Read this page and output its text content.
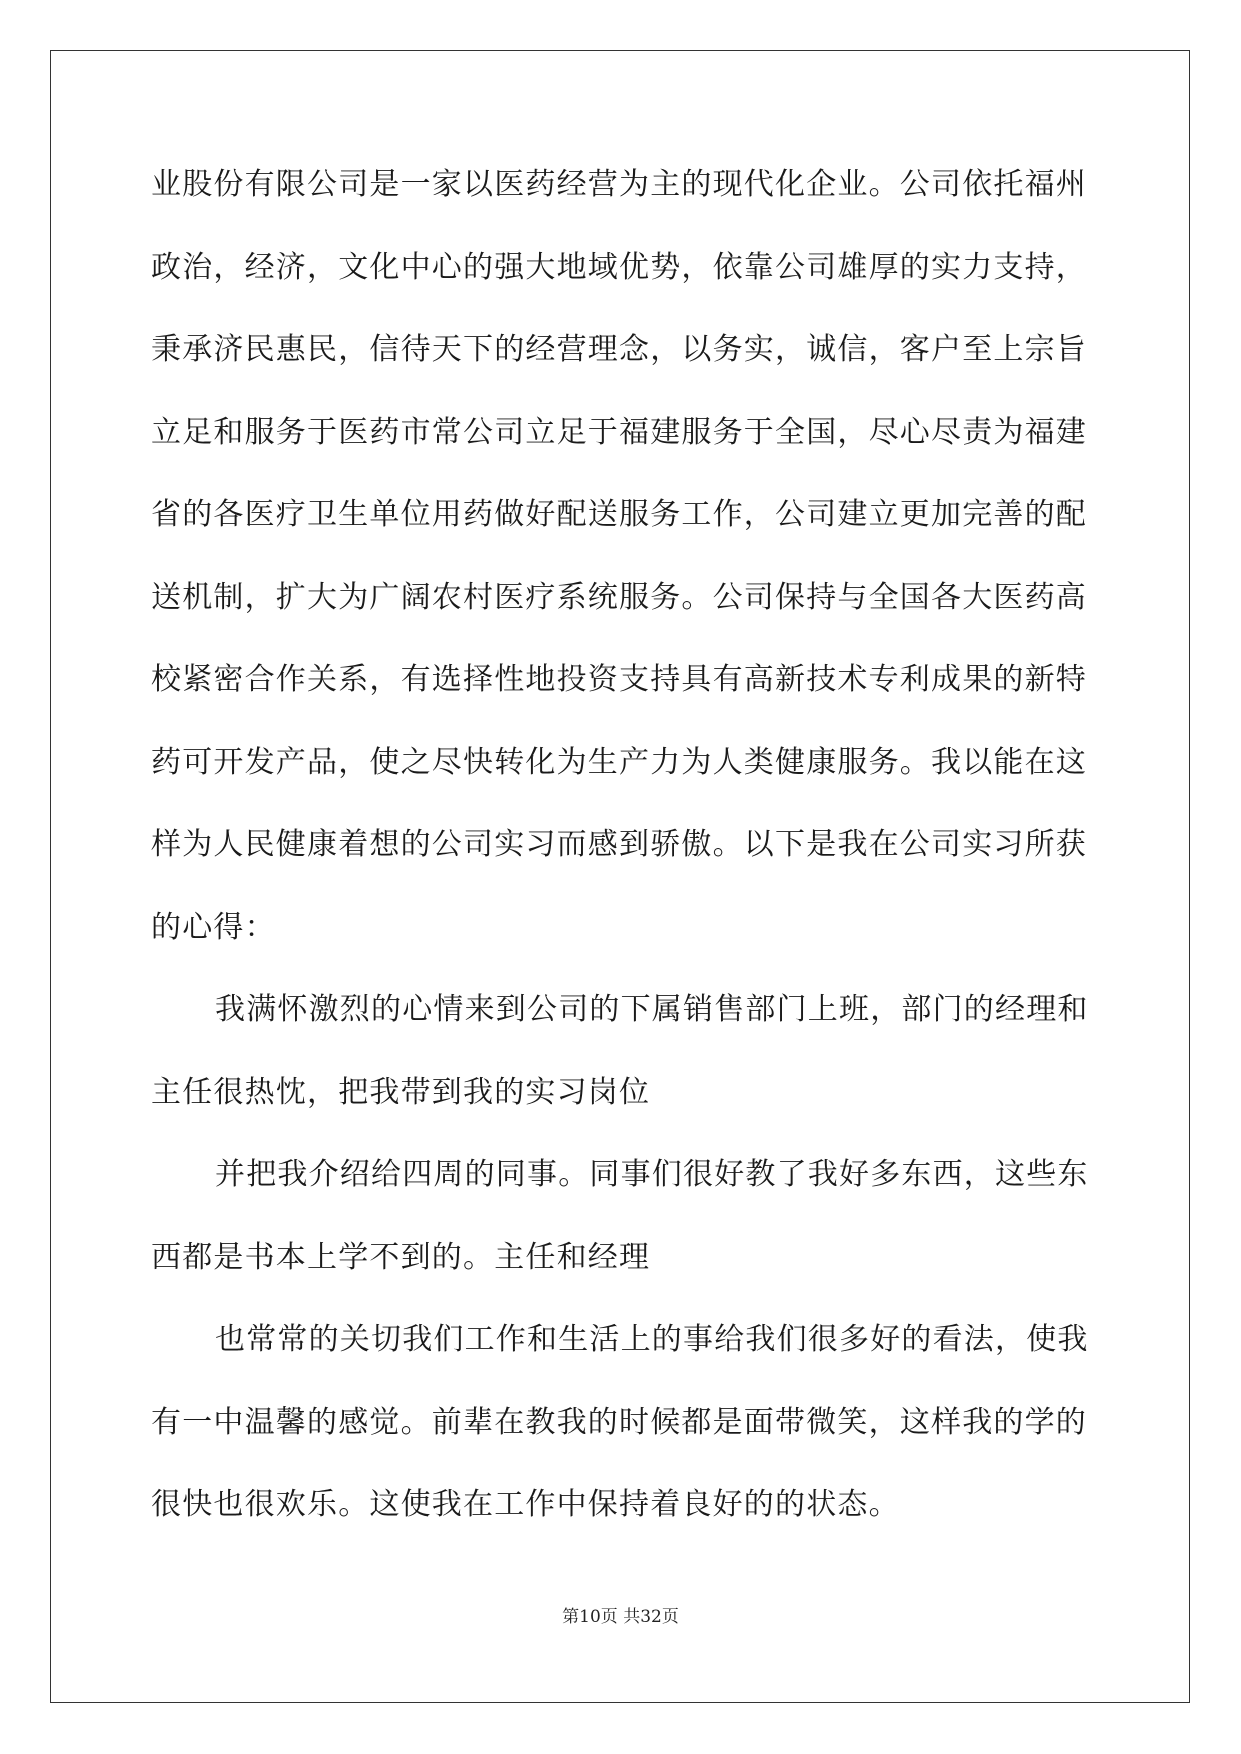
业股份有限公司是一家以医药经营为主的现代化企业。公司依托福州
政治，经济，文化中心的强大地域优势，依靠公司雄厚的实力支持，
秉承济民惠民，信待天下的经营理念，以务实，诚信，客户至上宗旨
立足和服务于医药市常公司立足于福建服务于全国，尽心尽责为福建
省的各医疗卫生单位用药做好配送服务工作，公司建立更加完善的配
送机制，扩大为广阔农村医疗系统服务。公司保持与全国各大医药高
校紧密合作关系，有选择性地投资支持具有高新技术专利成果的新特
药可开发产品，使之尽快转化为生产力为人类健康服务。我以能在这
样为人民健康着想的公司实习而感到骄傲。以下是我在公司实习所获
的心得：
我满怀激烈的心情来到公司的下属销售部门上班，部门的经理和
主任很热忱，把我带到我的实习岗位
并把我介绍给四周的同事。同事们很好教了我好多东西，这些东
西都是书本上学不到的。主任和经理
也常常的关切我们工作和生活上的事给我们很多好的看法，使我
有一中温馨的感觉。前辈在教我的时候都是面带微笑，这样我的学的
很快也很欢乐。这使我在工作中保持着良好的的状态。
第10页 共32页
